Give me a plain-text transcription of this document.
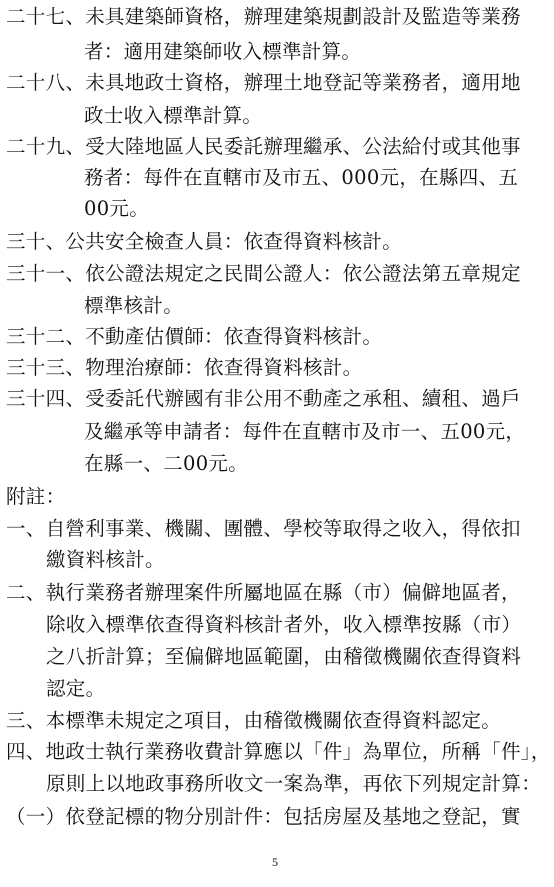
二十七、未具建築師資格，辦理建築規劃設計及監造等業務
者：適用建築師收入標準計算。
二十八、未具地政士資格，辦理土地登記等業務者，適用地
政士收入標準計算。
二十九、受大陸地區人民委託辦理繼承、公法給付或其他事
務者：每件在直轄市及市五、000元，在縣四、五
00元。
三十、公共安全檢查人員：依查得資料核計。
三十一、依公證法規定之民間公證人：依公證法第五章規定
標準核計。
三十二、不動產估價師：依查得資料核計。
三十三、物理治療師：依查得資料核計。
三十四、受委託代辦國有非公用不動產之承租、續租、過戶
及繼承等申請者：每件在直轄市及市一、五00元，
在縣一、二00元。
附註：
一、自營利事業、機關、團體、學校等取得之收入，得依扣
繳資料核計。
二、執行業務者辦理案件所屬地區在縣（市）偏僻地區者，
除收入標準依查得資料核計者外，收入標準按縣（市）
之八折計算；至偏僻地區範圍，由稽徵機關依查得資料
認定。
三、本標準未規定之項目，由稽徵機關依查得資料認定。
四、地政士執行業務收費計算應以「件」為單位，所稱「件」，
原則上以地政事務所收文一案為準，再依下列規定計算：
（一）依登記標的物分別計件：包括房屋及基地之登記，實
5
